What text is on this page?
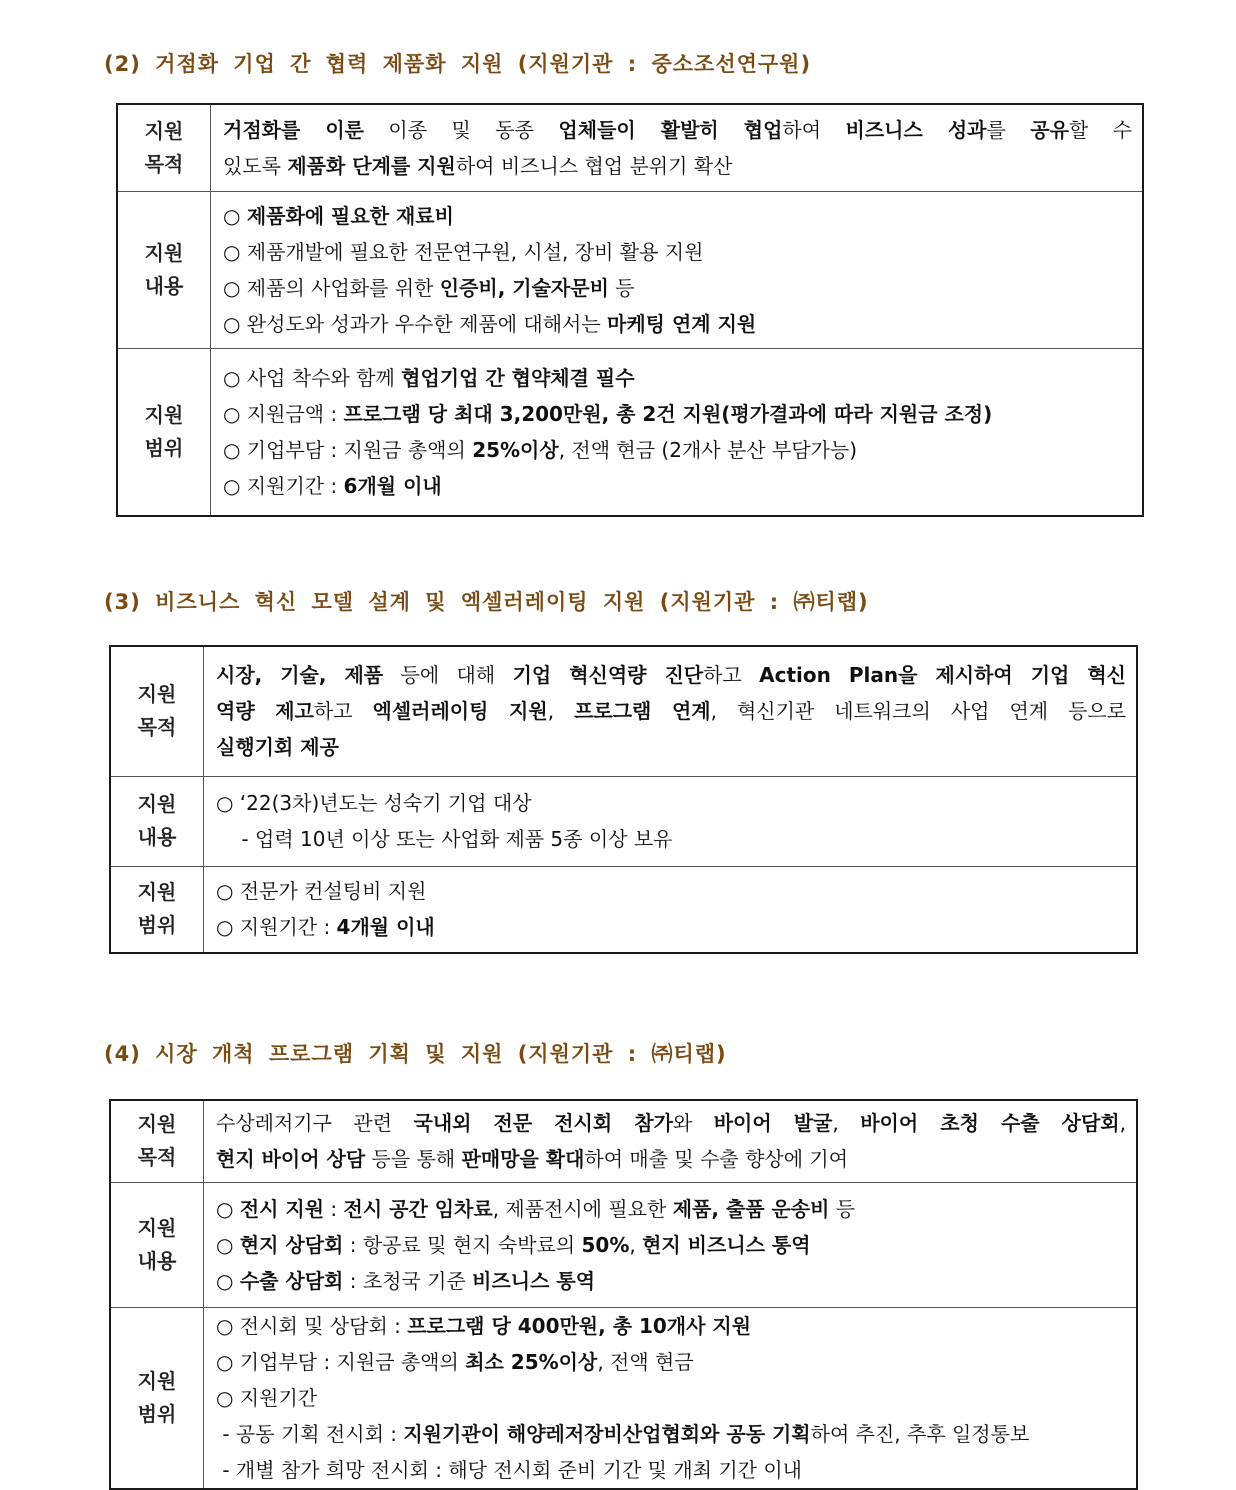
(2) 거점화 기업 간 협력 제품화 지원 (지원기관 : 중소조선연구원)
지원
목적	거점화를 이룬 이종 및 동종 업체들이 활발히 협업하여 비즈니스 성과를 공유할 수
있도록 제품화 단계를 지원하여 비즈니스 협업 분위기 확산

지원
내용	○ 제품화에 필요한 재료비
○ 제품개발에 필요한 전문연구원, 시설, 장비 활용 지원
○ 제품의 사업화를 위한 인증비, 기술자문비 등
○ 완성도와 성과가 우수한 제품에 대해서는 마케팅 연계 지원

지원
범위	○ 사업 착수와 함께 협업기업 간 협약체결 필수
○ 지원금액 : 프로그램 당 최대 3,200만원, 총 2건 지원(평가결과에 따라 지원금 조정)
○ 기업부담 : 지원금 총액의 25%이상, 전액 현금 (2개사 분산 부담가능)
○ 지원기간 : 6개월 이내
(3) 비즈니스 혁신 모델 설계 및 엑셀러레이팅 지원 (지원기관 : ㈜티랩)
지원
목적	시장, 기술, 제품 등에 대해 기업 혁신역량 진단하고 Action Plan을 제시하여 기업 혁신
역량 제고하고 엑셀러레이팅 지원, 프로그램 연계, 혁신기관 네트워크의 사업 연계 등으로
실행기회 제공

지원
내용	○ ‘22(3차)년도는 성숙기 기업 대상
- 업력 10년 이상 또는 사업화 제품 5종 이상 보유

지원
범위	○ 전문가 컨설팅비 지원
○ 지원기간 : 4개월 이내
(4) 시장 개척 프로그램 기획 및 지원 (지원기관 : ㈜티랩)
지원
목적	수상레저기구 관련 국내외 전문 전시회 참가와 바이어 발굴, 바이어 초청 수출 상담회,
현지 바이어 상담 등을 통해 판매망을 확대하여 매출 및 수출 향상에 기여

지원
내용	○ 전시 지원 : 전시 공간 임차료, 제품전시에 필요한 제품, 출품 운송비 등
○ 현지 상담회 : 항공료 및 현지 숙박료의 50%, 현지 비즈니스 통역
○ 수출 상담회 : 초청국 기준 비즈니스 통역

지원
범위	○ 전시회 및 상담회 : 프로그램 당 400만원, 총 10개사 지원
○ 기업부담 : 지원금 총액의 최소 25%이상, 전액 현금
○ 지원기간
- 공동 기획 전시회 : 지원기관이 해양레저장비산업협회와 공동 기획하여 추진, 추후 일정통보
- 개별 참가 희망 전시회 : 해당 전시회 준비 기간 및 개최 기간 이내
